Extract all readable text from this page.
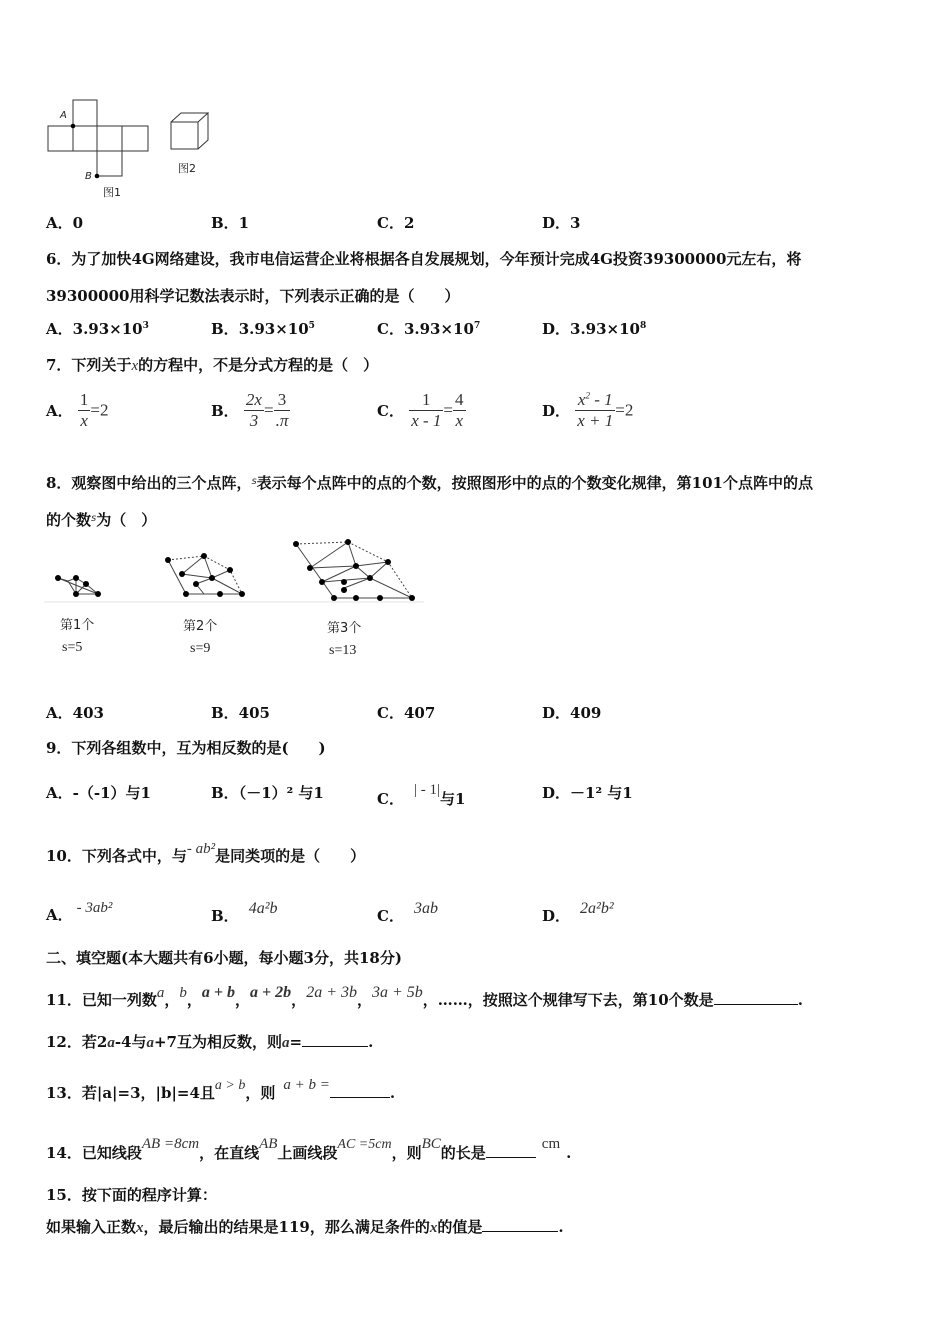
A
B
图1
图2
A．0	B．1	C．2	D．3
6．为了加快4G网络建设，我市电信运营企业将根据各自发展规划，今年预计完成4G投资39300000元左右，将
39300000用科学记数法表示时，下列表示正确的是（　　）
A．$3.93\times 10^3$	B．$3.93\times 10^5$	C．$3.93\times 10^7$	D．$3.93\times 10^8$
7．下列关于x的方程中，不是分式方程的是（　）
A． $\frac{1}{x} =2$	B． $\frac{2x}{3} = \frac{3}{.\pi}$	C． $\frac{1}{x - 1} = \frac{4}{x}$	D． $\frac{x^2 - 1}{x + 1} =2$
8．观察图中给出的三个点阵，$^s$表示每个点阵中的点的个数，按照图形中的点的个数变化规律，第101个点阵中的点
的个数$^s$为（　）
第1个
s=5
第2个
s=9
第3个
s=13
A．403	B．405	C．407	D．409
9．下列各组数中，互为相反数的是(　　)
A．-（-1）与1	B．（－1）² 与1	C． | - 1|与1	D．－1² 与1
10．下列各式中，与- ab²是同类项的是（　　）
A． - 3ab²	B． 4a²b	C． 3ab	D． 2a²b²
二、填空题(本大题共有6小题，每小题3分，共18分)
11．已知一列数a，b，a + b，a + 2b，2a + 3b，3a + 5b，……，按照这个规律写下去，第10个数是	.
12．若2a-4与a+7互为相反数，则a=	.
13．若|a|=3，|b|=4且a > b，则 a + b =	.
14．已知线段AB =8cm，在直线AB上画线段AC =5cm，则BC的长是	cm .
15．按下面的程序计算：
如果输入正数x，最后输出的结果是119，那么满足条件的x的值是	.
